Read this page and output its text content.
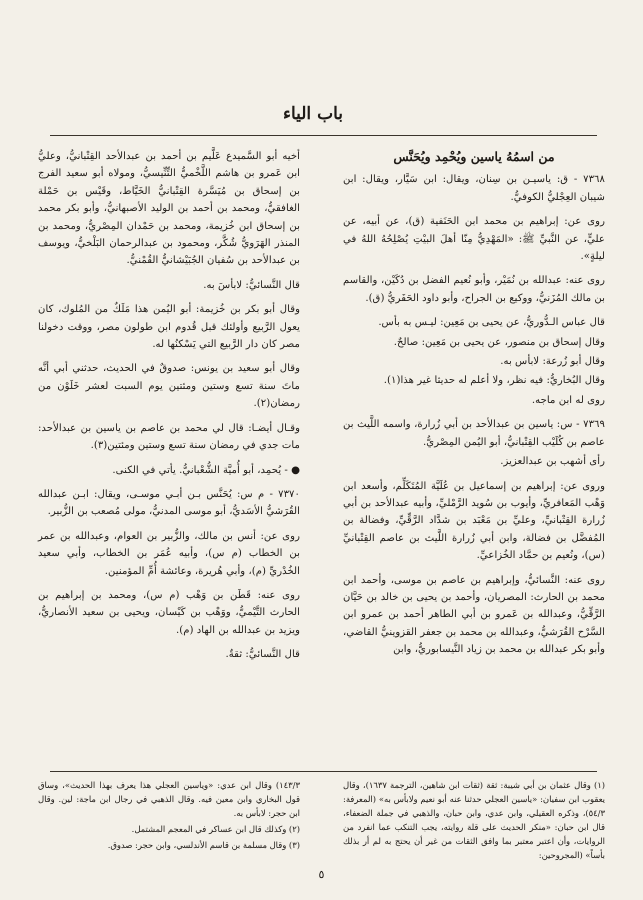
باب الياء

من اسمُهُ ياسين ويُحْمِد ويُحَنَّس

٧٣٦٨ - ق: ياسيـن بن سِنان، ويقال: ابن سَيَّار، ويقال: ابن شيبان العِجْليُّ الكوفيُّ.

روى عن: إبراهيم بن محمد ابن الحَنَفية (ق)، عن أبيه، عن عليٍّ، عن النَّبيِّ ﷺ: «المَهْدِيُّ مِنّا أهلَ البيْتِ يُصْلِحُهُ اللهُ في ليلةٍ».

روى عنه: عبدالله بن نُمَيْر، وأبو نُعيم الفضل بن دُكَيْن، والقاسم بن مالك المُزَنيُّ، ووكيع بن الجراح، وأبو داود الحَفَريُّ (ق).

قال عباس الـدُّوريُّ، عن يحيى بن مَعِين: ليـس به بأس.

وقال إسحاق بن منصور، عن يحيى بن مَعِين: صالحٌ.

وقال أبو زُرعة: لابأس به.

وقال البُخاريُّ: فيه نظر، ولا أعلم له حديثا غير هذا(١).

روى له ابن ماجه.

٧٣٦٩ - س: ياسين بن عبدالأحد بن أبي زُرارة، واسمه اللَّيث بن عاصم بن كُلَيْب القِتْبانيُّ، أبو اليُمن المِصْريُّ.

رأى أشهب بن عبدالعزيز.

وروى عن: إبراهيم بن إسماعيل بن عُلَيَّة المُتَكَلِّم، وأسعد ابن وَهْب المَعافريِّ، وأيوب بن سُويد الرَّمْليِّ، وأبيه عبدالأحد بن أبي زُرارة القِتْبانيِّ، وعليِّ بن مَعْبَد بن شدَّاد الرَّقِّيِّ، وفضالة بن المُفضَّل بن فضالة، وابن أبي زُرارة اللَّيث بن عاصم القِتْبانيِّ (س)، ونُعيم بن حمَّاد الخُزاعيِّ.

روى عنه: النَّسائيُّ، وإبراهيم بن عاصم بن موسى، وأحمد ابن محمد بن الحارث: المصريان، وأحمد بن يحيى بن خالد بن حَيَّان الرَّقِّيُّ، وعبدالله بن عَمرو بن أبي الطاهر أحمد بن عمرو ابن السَّرْح القُرَشيُّ، وعبدالله بن محمد بن جعفر القزوينيُّ القاضي، وأبو بكر عبدالله بن محمد بن زياد النَّيسابوريُّ، وابن

أخيه أبو السَّميدع عَلَّيم بن أحمد بن عبدالأحد القِتْبانيُّ، وعليُّ ابن عَمرو بن هاشم اللَّخْميُّ التِّنِّيسيُّ، ومولاه أبو سعيد الفرج بن إسحاق بن مُيَسَّرة القِتْبانيُّ الخَيَّاط، وقَيْس بن حَمْلة الغافقيُّ، ومحمد بن أحمد بن الوليد الأصبهانيُّ، وأبو بكر محمد بن إسحاق ابن خُزيمة، ومحمد بن حَمْدان المِصْريُّ، ومحمد بن المنذر الهَرَويُّ شُكَّر، ومحمود بن عبدالرحمان البَلْخيُّ، ويوسف بن عبدالأحد بن سُفيان الجُبَيْشانيُّ القُمْنيُّ.

قال النَّسائيُّ: لابأسَ به.

وقال أبو بكر بن خُزيمة: أبو اليُمن هذا مَلَكٌ من المُلوك، كان يعول الرَّبيع وأولئك قبل قُدوم ابن طولون مصر، ووقت دخولنا مصر كان دار الرَّبيع التي يَسْكنُها له.

وقال أبو سعيد بن يونس: صدوقٌ في الحديث، حدثني أبي أنَّه ماتَ سنة تسع وستين ومئتين يوم السبت لعشر خَلَوْن من رمضان(٢).

وقـال أيضـا: قال لي محمد بن عاصم بن ياسين بن عبدالأحد: مات جدي في رمضان سنة تسع وستين ومئتين(٣).

● - يُحمِد، أبو أُميَّة الشُّعْبانيُّ. يأتي في الكنى.

٧٣٧٠ - م س: يُحَنَّس بـن أبـي موسـى، ويقال: ابـن عبدالله القُرَشيُّ الأسَديُّ، أبو موسى المدنيُّ، مولى مُصعب بن الزُّبير.

روى عن: أنس بن مالك، والزُّبير بن العوام، وعبدالله بن عمر بن الخطاب (م س)، وأبيه عُمَر بن الخطاب، وأبي سعيد الخُدْريِّ (م)، وأبي هُريرة، وعائشة أُمِّ المؤمنين.

روى عنه: قَطَن بن وَهْب (م س)، ومحمد بن إبراهيم بن الحارث التَّيْميُّ، ووَهْب بن كَيْسان، ويحيى بن سعيد الأنصاريُّ، ويزيد بن عبدالله بن الهاد (م).

قال النَّسائيُّ: ثقةٌ.

(١) وقال عثمان بن أبي شيبة: ثقة (ثقات ابن شاهين، الترجمة ١٦٣٧)، وقال يعقوب ابن سفيان: «ياسين العجلي حدثنا عنه أبو نعيم ولابأس به» (المعرفة: ٥٤/٣)، وذكره العقيلي، وابن عدي، وابن حبان، والذهبي في جملة الضعفاء، قال ابن حبان: «منكر الحديث على قلة روايته، يجب التنكب عما انفرد من الروايات، وأن اعتبر معتبر بما وافق الثقات من غير أن يحتج به لم أر بذلك بأساً» (المجروحين:

١٤٣/٣) وقال ابن عدي: «وياسين العجلي هذا يعرف بهذا الحديث»، وساق قول البخاري وابن معين فيه. وقال الذهبي في رجال ابن ماجة: لين. وقال ابن حجر: لابأس به.

(٢) وكذلك قال ابن عساكر في المعجم المشتمل.

(٣) وقال مسلمة بن قاسم الأندلسي، وابن حجر: صدوق.

٥
